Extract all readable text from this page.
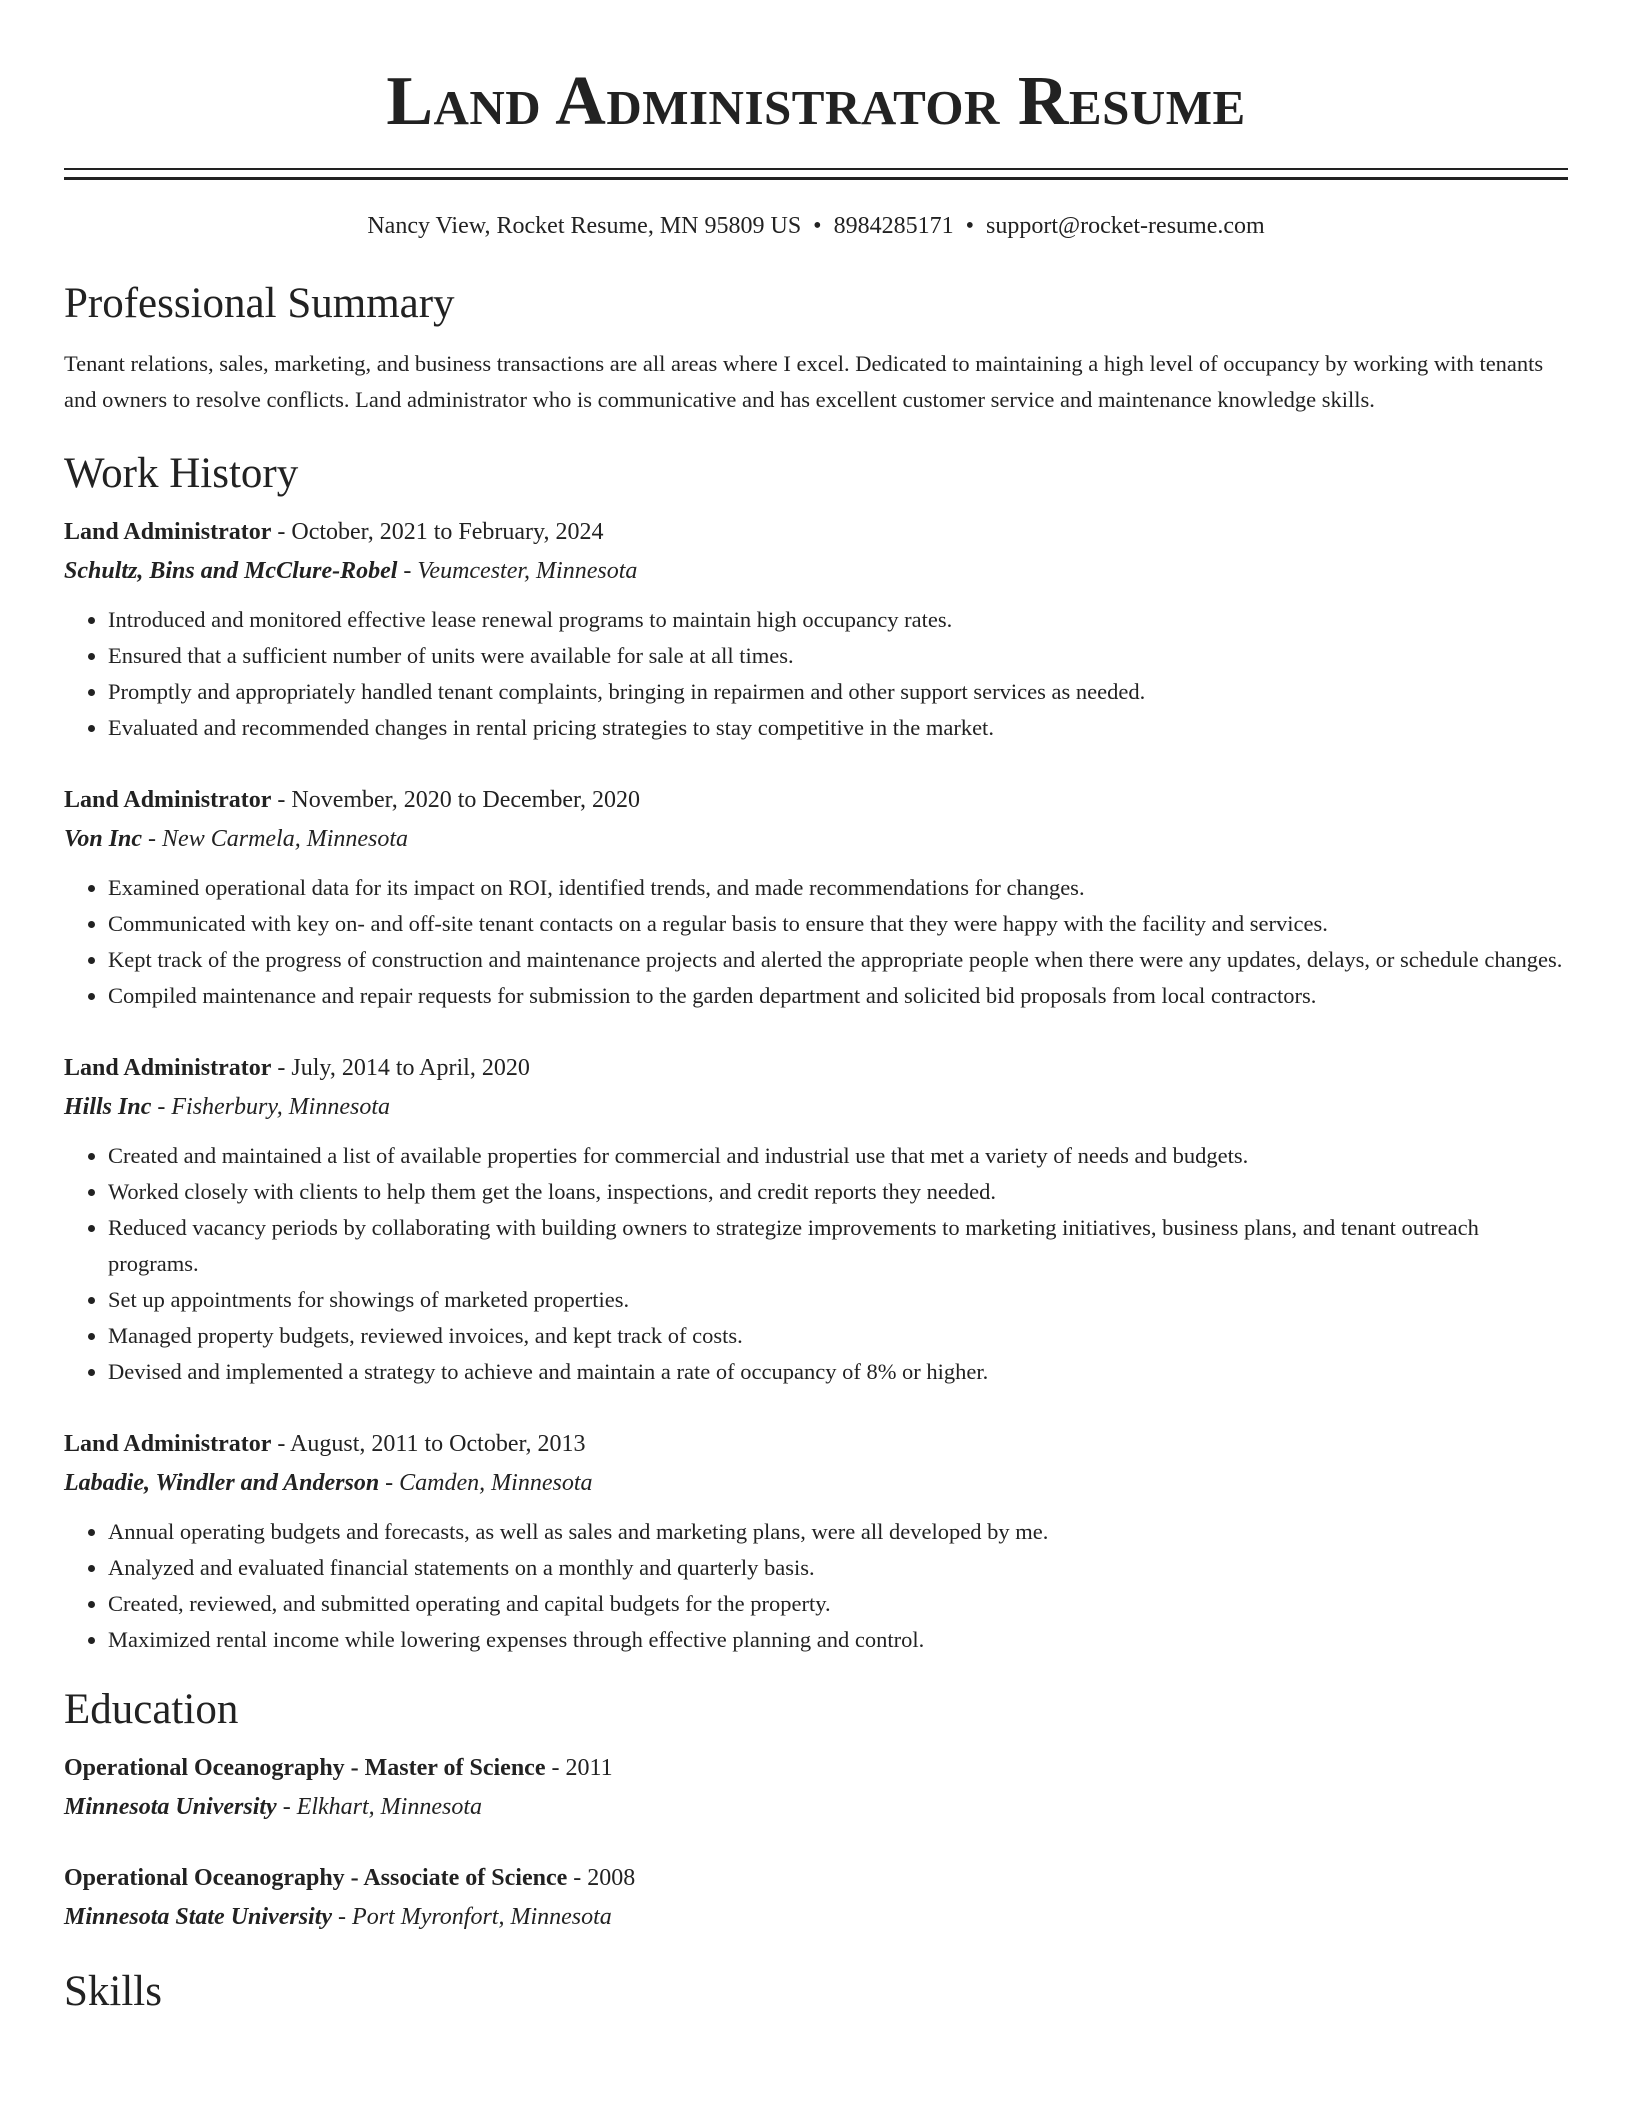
Land Administrator Resume
Nancy View, Rocket Resume, MN 95809 US • 8984285171 • support@rocket-resume.com
Professional Summary

Tenant relations, sales, marketing, and business transactions are all areas where I excel. Dedicated to maintaining a high level of occupancy by working with tenants and owners to resolve conflicts. Land administrator who is communicative and has excellent customer service and maintenance knowledge skills.

Work History
Land Administrator - October, 2021 to February, 2024
Schultz, Bins and McClure-Robel - Veumcester, Minnesota
• Introduced and monitored effective lease renewal programs to maintain high occupancy rates.
• Ensured that a sufficient number of units were available for sale at all times.
• Promptly and appropriately handled tenant complaints, bringing in repairmen and other support services as needed.
• Evaluated and recommended changes in rental pricing strategies to stay competitive in the market.
Land Administrator - November, 2020 to December, 2020
Von Inc - New Carmela, Minnesota
• Examined operational data for its impact on ROI, identified trends, and made recommendations for changes.
• Communicated with key on- and off-site tenant contacts on a regular basis to ensure that they were happy with the facility and services.
• Kept track of the progress of construction and maintenance projects and alerted the appropriate people when there were any updates, delays, or schedule changes.
• Compiled maintenance and repair requests for submission to the garden department and solicited bid proposals from local contractors.
Land Administrator - July, 2014 to April, 2020
Hills Inc - Fisherbury, Minnesota
• Created and maintained a list of available properties for commercial and industrial use that met a variety of needs and budgets.
• Worked closely with clients to help them get the loans, inspections, and credit reports they needed.
• Reduced vacancy periods by collaborating with building owners to strategize improvements to marketing initiatives, business plans, and tenant outreach programs.
• Set up appointments for showings of marketed properties.
• Managed property budgets, reviewed invoices, and kept track of costs.
• Devised and implemented a strategy to achieve and maintain a rate of occupancy of 8% or higher.
Land Administrator - August, 2011 to October, 2013
Labadie, Windler and Anderson - Camden, Minnesota
• Annual operating budgets and forecasts, as well as sales and marketing plans, were all developed by me.
• Analyzed and evaluated financial statements on a monthly and quarterly basis.
• Created, reviewed, and submitted operating and capital budgets for the property.
• Maximized rental income while lowering expenses through effective planning and control.
Education
Operational Oceanography - Master of Science - 2011
Minnesota University - Elkhart, Minnesota
Operational Oceanography - Associate of Science - 2008
Minnesota State University - Port Myronfort, Minnesota
Skills
